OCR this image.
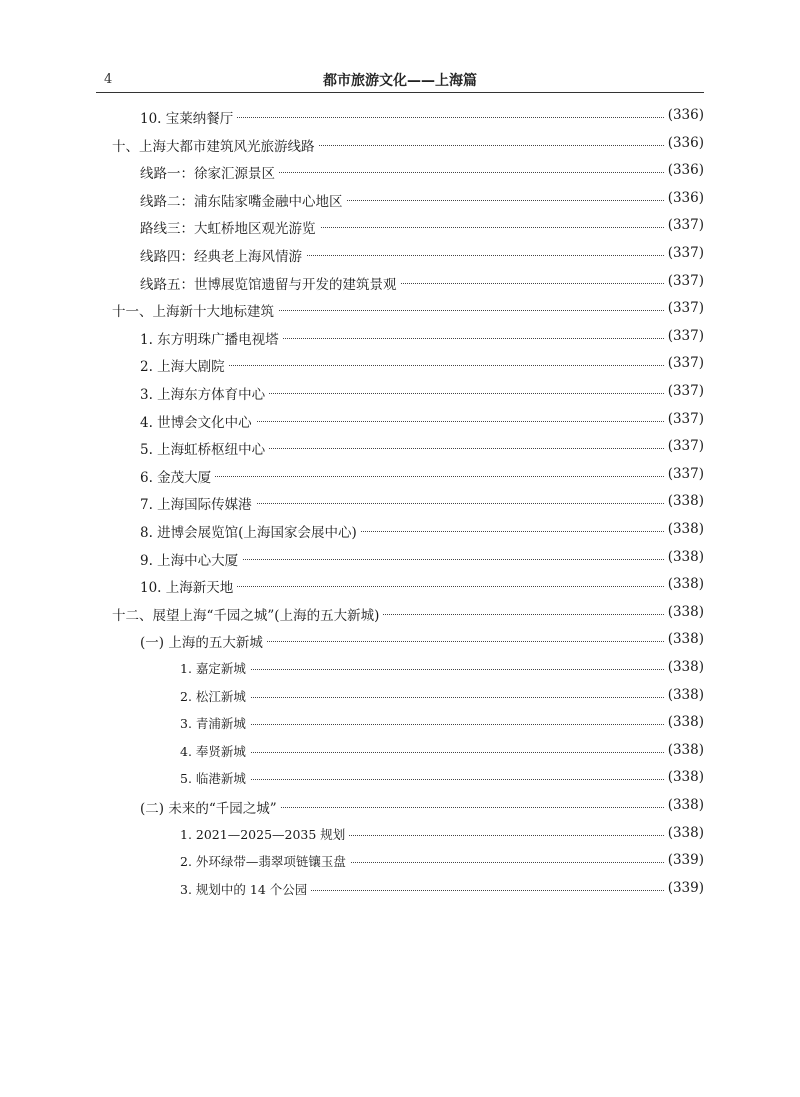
4	都市旅游文化——上海篇
10. 宝莱纳餐厅	(336)
十、上海大都市建筑风光旅游线路	(336)
线路一：徐家汇源景区	(336)
线路二：浦东陆家嘴金融中心地区	(336)
路线三：大虹桥地区观光游览	(337)
线路四：经典老上海风情游	(337)
线路五：世博展览馆遗留与开发的建筑景观	(337)
十一、上海新十大地标建筑	(337)
1. 东方明珠广播电视塔	(337)
2. 上海大剧院	(337)
3. 上海东方体育中心	(337)
4. 世博会文化中心	(337)
5. 上海虹桥枢纽中心	(337)
6. 金茂大厦	(337)
7. 上海国际传媒港	(338)
8. 进博会展览馆(上海国家会展中心)	(338)
9. 上海中心大厦	(338)
10. 上海新天地	(338)
十二、展望上海“千园之城”(上海的五大新城)	(338)
(一) 上海的五大新城	(338)
1. 嘉定新城	(338)
2. 松江新城	(338)
3. 青浦新城	(338)
4. 奉贤新城	(338)
5. 临港新城	(338)
(二) 未来的“千园之城”	(338)
1. 2021—2025—2035 规划	(338)
2. 外环绿带—翡翠项链镶玉盘	(339)
3. 规划中的 14 个公园	(339)
